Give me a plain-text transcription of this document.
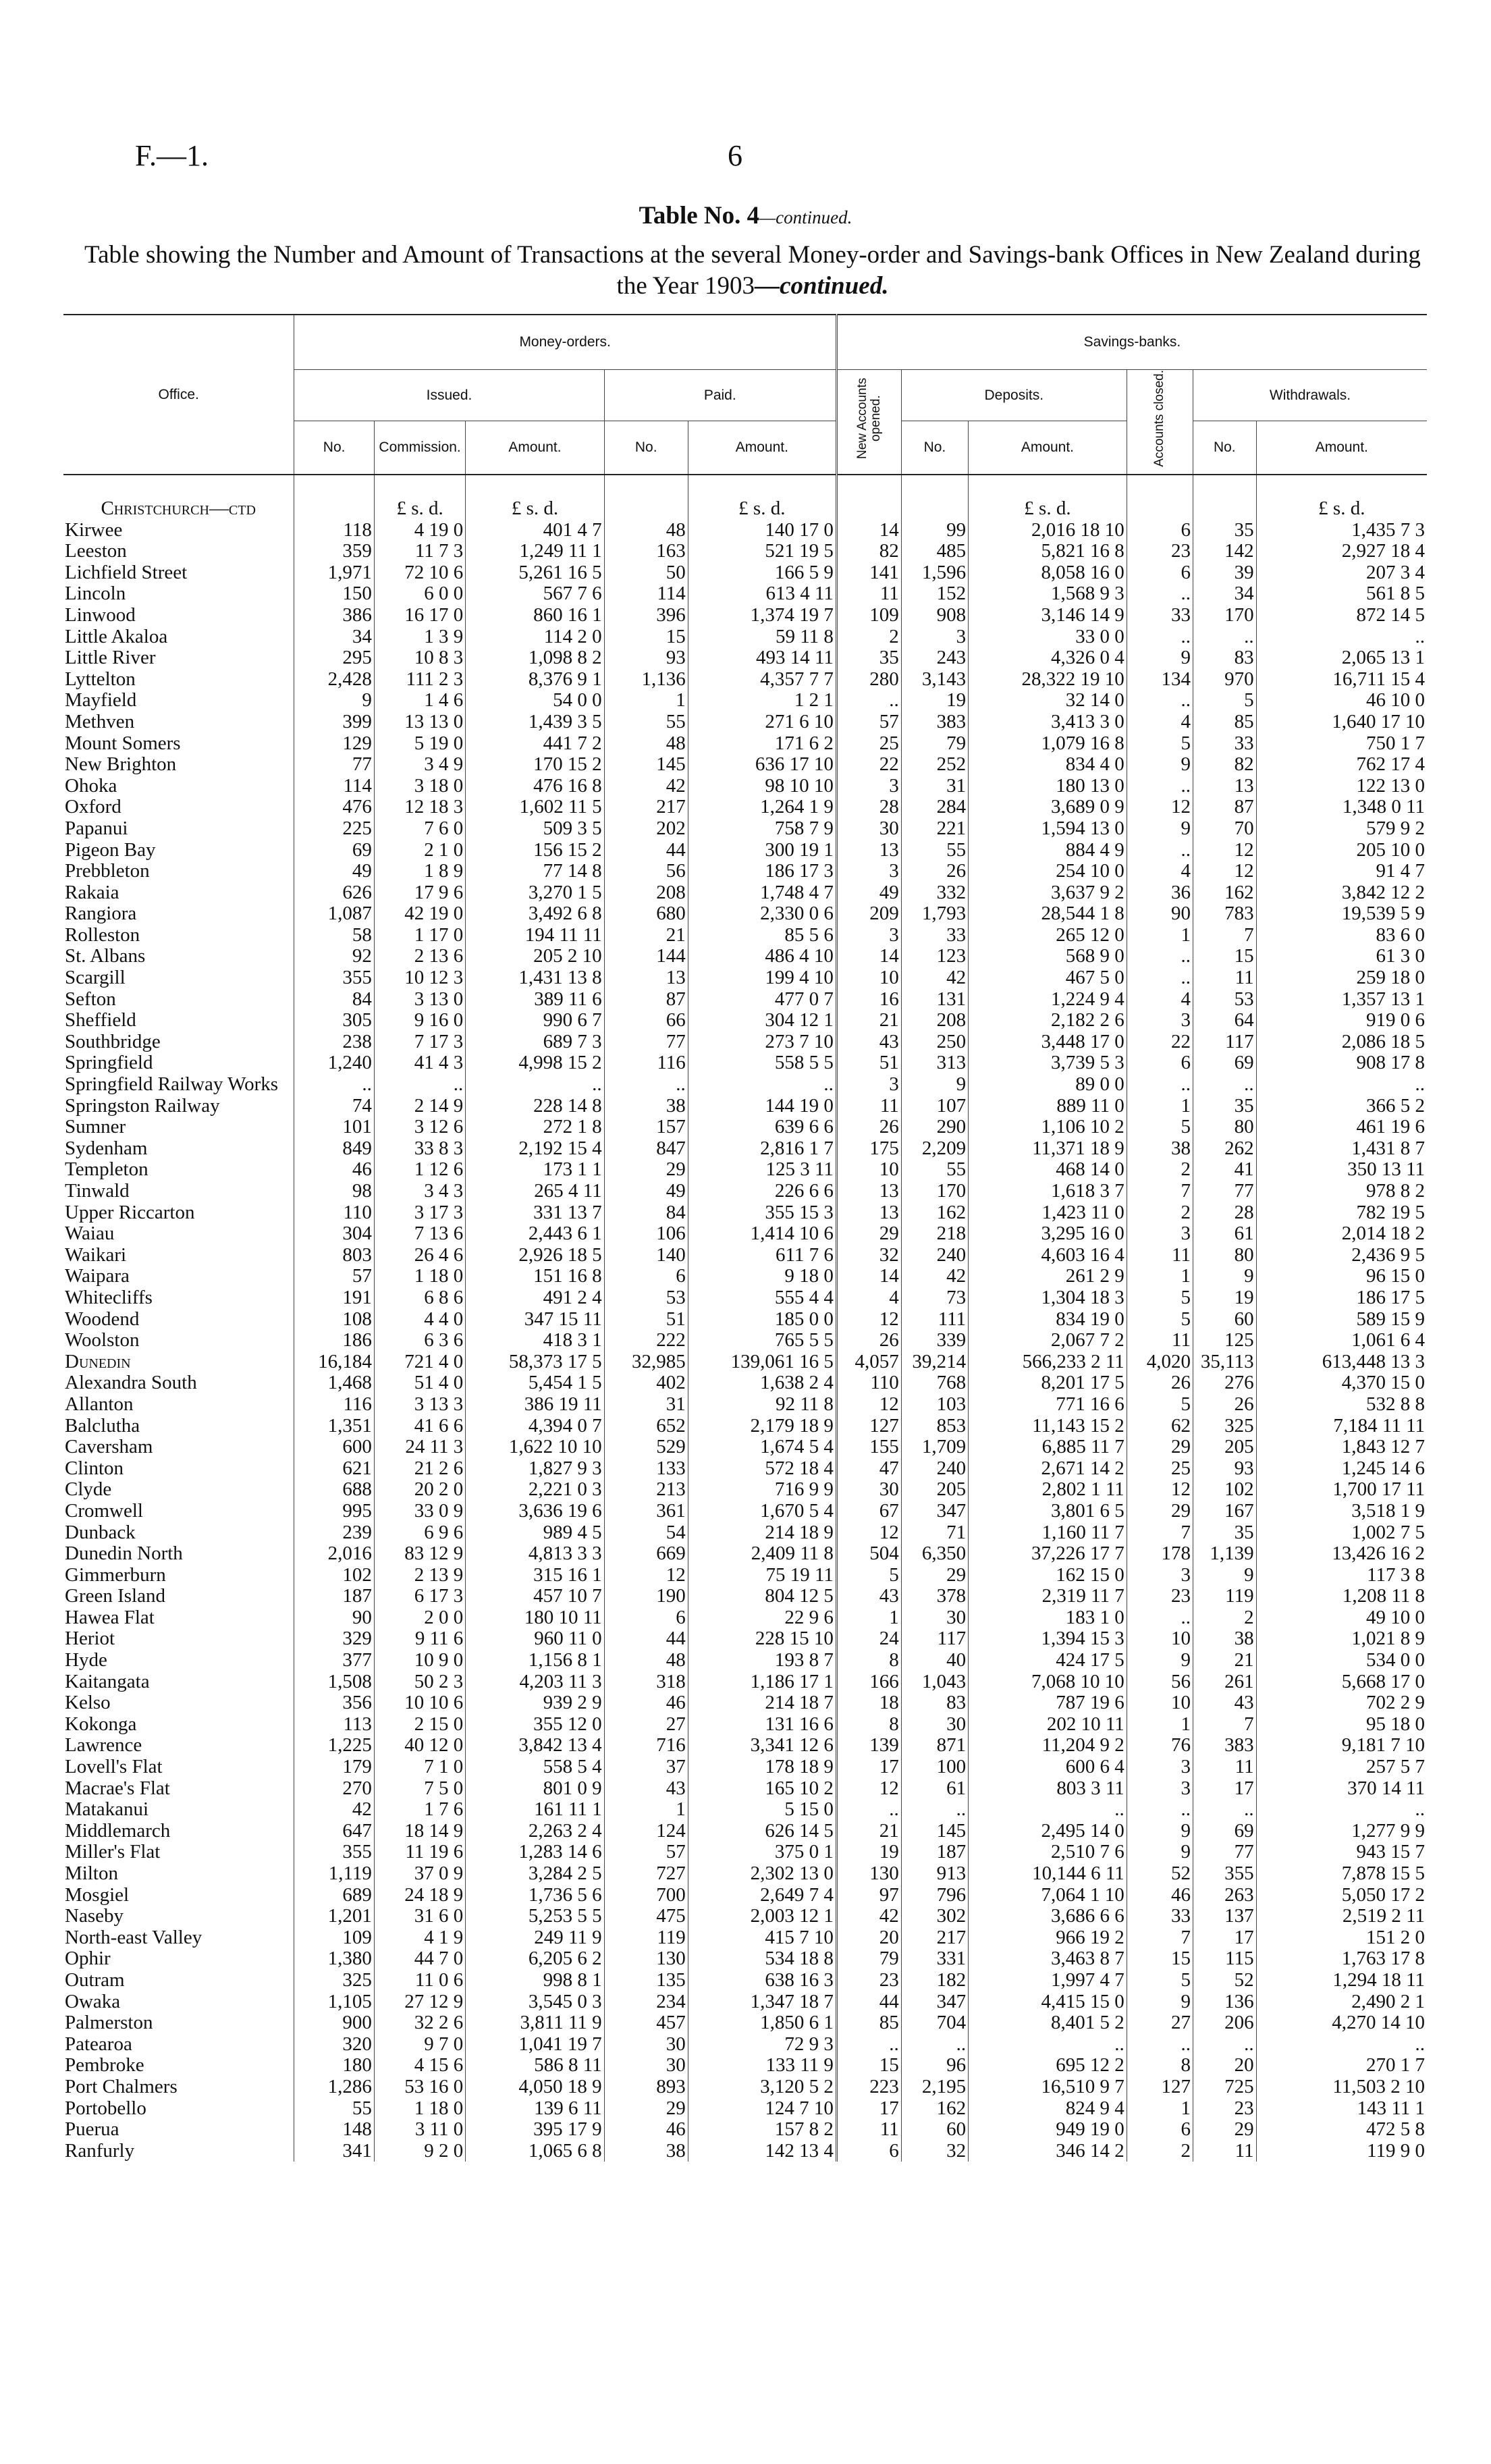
F.—1.	6
Table No. 4—continued.
Table showing the Number and Amount of Transactions at the several Money-order and Savings-bank Offices in New Zealand during the Year 1903—continued.
Office.	Money-orders.					Savings-banks.					
	Issued.			Paid.		New Accounts opened.	Deposits.		Accounts closed.	Withdrawals.	
	No.	Commission.	Amount.	No.	Amount.		No.	Amount.		No.	Amount.

Christchurch—ctd		£ s. d.	£ s. d.		£ s. d.			£ s. d.			£ s. d.
Kirwee	118	4 19 0	401 4 7	48	140 17 0	14	99	2,016 18 10	6	35	1,435 7 3
Leeston	359	11 7 3	1,249 11 1	163	521 19 5	82	485	5,821 16 8	23	142	2,927 18 4
Lichfield Street	1,971	72 10 6	5,261 16 5	50	166 5 9	141	1,596	8,058 16 0	6	39	207 3 4
Lincoln	150	6 0 0	567 7 6	114	613 4 11	11	152	1,568 9 3	..	34	561 8 5
Linwood	386	16 17 0	860 16 1	396	1,374 19 7	109	908	3,146 14 9	33	170	872 14 5
Little Akaloa	34	1 3 9	114 2 0	15	59 11 8	2	3	33 0 0	..	..	..
Little River	295	10 8 3	1,098 8 2	93	493 14 11	35	243	4,326 0 4	9	83	2,065 13 1
Lyttelton	2,428	111 2 3	8,376 9 1	1,136	4,357 7 7	280	3,143	28,322 19 10	134	970	16,711 15 4
Mayfield	9	1 4 6	54 0 0	1	1 2 1	..	19	32 14 0	..	5	46 10 0
Methven	399	13 13 0	1,439 3 5	55	271 6 10	57	383	3,413 3 0	4	85	1,640 17 10
Mount Somers	129	5 19 0	441 7 2	48	171 6 2	25	79	1,079 16 8	5	33	750 1 7
New Brighton	77	3 4 9	170 15 2	145	636 17 10	22	252	834 4 0	9	82	762 17 4
Ohoka	114	3 18 0	476 16 8	42	98 10 10	3	31	180 13 0	..	13	122 13 0
Oxford	476	12 18 3	1,602 11 5	217	1,264 1 9	28	284	3,689 0 9	12	87	1,348 0 11
Papanui	225	7 6 0	509 3 5	202	758 7 9	30	221	1,594 13 0	9	70	579 9 2
Pigeon Bay	69	2 1 0	156 15 2	44	300 19 1	13	55	884 4 9	..	12	205 10 0
Prebbleton	49	1 8 9	77 14 8	56	186 17 3	3	26	254 10 0	4	12	91 4 7
Rakaia	626	17 9 6	3,270 1 5	208	1,748 4 7	49	332	3,637 9 2	36	162	3,842 12 2
Rangiora	1,087	42 19 0	3,492 6 8	680	2,330 0 6	209	1,793	28,544 1 8	90	783	19,539 5 9
Rolleston	58	1 17 0	194 11 11	21	85 5 6	3	33	265 12 0	1	7	83 6 0
St. Albans	92	2 13 6	205 2 10	144	486 4 10	14	123	568 9 0	..	15	61 3 0
Scargill	355	10 12 3	1,431 13 8	13	199 4 10	10	42	467 5 0	..	11	259 18 0
Sefton	84	3 13 0	389 11 6	87	477 0 7	16	131	1,224 9 4	4	53	1,357 13 1
Sheffield	305	9 16 0	990 6 7	66	304 12 1	21	208	2,182 2 6	3	64	919 0 6
Southbridge	238	7 17 3	689 7 3	77	273 7 10	43	250	3,448 17 0	22	117	2,086 18 5
Springfield	1,240	41 4 3	4,998 15 2	116	558 5 5	51	313	3,739 5 3	6	69	908 17 8
Springfield Railway Works	..	..	..	..	..	3	9	89 0 0	..	..	..
Springston Railway	74	2 14 9	228 14 8	38	144 19 0	11	107	889 11 0	1	35	366 5 2
Sumner	101	3 12 6	272 1 8	157	639 6 6	26	290	1,106 10 2	5	80	461 19 6
Sydenham	849	33 8 3	2,192 15 4	847	2,816 1 7	175	2,209	11,371 18 9	38	262	1,431 8 7
Templeton	46	1 12 6	173 1 1	29	125 3 11	10	55	468 14 0	2	41	350 13 11
Tinwald	98	3 4 3	265 4 11	49	226 6 6	13	170	1,618 3 7	7	77	978 8 2
Upper Riccarton	110	3 17 3	331 13 7	84	355 15 3	13	162	1,423 11 0	2	28	782 19 5
Waiau	304	7 13 6	2,443 6 1	106	1,414 10 6	29	218	3,295 16 0	3	61	2,014 18 2
Waikari	803	26 4 6	2,926 18 5	140	611 7 6	32	240	4,603 16 4	11	80	2,436 9 5
Waipara	57	1 18 0	151 16 8	6	9 18 0	14	42	261 2 9	1	9	96 15 0
Whitecliffs	191	6 8 6	491 2 4	53	555 4 4	4	73	1,304 18 3	5	19	186 17 5
Woodend	108	4 4 0	347 15 11	51	185 0 0	12	111	834 19 0	5	60	589 15 9
Woolston	186	6 3 6	418 3 1	222	765 5 5	26	339	2,067 7 2	11	125	1,061 6 4
Dunedin	16,184	721 4 0	58,373 17 5	32,985	139,061 16 5	4,057	39,214	566,233 2 11	4,020	35,113	613,448 13 3
Alexandra South	1,468	51 4 0	5,454 1 5	402	1,638 2 4	110	768	8,201 17 5	26	276	4,370 15 0
Allanton	116	3 13 3	386 19 11	31	92 11 8	12	103	771 16 6	5	26	532 8 8
Balclutha	1,351	41 6 6	4,394 0 7	652	2,179 18 9	127	853	11,143 15 2	62	325	7,184 11 11
Caversham	600	24 11 3	1,622 10 10	529	1,674 5 4	155	1,709	6,885 11 7	29	205	1,843 12 7
Clinton	621	21 2 6	1,827 9 3	133	572 18 4	47	240	2,671 14 2	25	93	1,245 14 6
Clyde	688	20 2 0	2,221 0 3	213	716 9 9	30	205	2,802 1 11	12	102	1,700 17 11
Cromwell	995	33 0 9	3,636 19 6	361	1,670 5 4	67	347	3,801 6 5	29	167	3,518 1 9
Dunback	239	6 9 6	989 4 5	54	214 18 9	12	71	1,160 11 7	7	35	1,002 7 5
Dunedin North	2,016	83 12 9	4,813 3 3	669	2,409 11 8	504	6,350	37,226 17 7	178	1,139	13,426 16 2
Gimmerburn	102	2 13 9	315 16 1	12	75 19 11	5	29	162 15 0	3	9	117 3 8
Green Island	187	6 17 3	457 10 7	190	804 12 5	43	378	2,319 11 7	23	119	1,208 11 8
Hawea Flat	90	2 0 0	180 10 11	6	22 9 6	1	30	183 1 0	..	2	49 10 0
Heriot	329	9 11 6	960 11 0	44	228 15 10	24	117	1,394 15 3	10	38	1,021 8 9
Hyde	377	10 9 0	1,156 8 1	48	193 8 7	8	40	424 17 5	9	21	534 0 0
Kaitangata	1,508	50 2 3	4,203 11 3	318	1,186 17 1	166	1,043	7,068 10 10	56	261	5,668 17 0
Kelso	356	10 10 6	939 2 9	46	214 18 7	18	83	787 19 6	10	43	702 2 9
Kokonga	113	2 15 0	355 12 0	27	131 16 6	8	30	202 10 11	1	7	95 18 0
Lawrence	1,225	40 12 0	3,842 13 4	716	3,341 12 6	139	871	11,204 9 2	76	383	9,181 7 10
Lovell's Flat	179	7 1 0	558 5 4	37	178 18 9	17	100	600 6 4	3	11	257 5 7
Macrae's Flat	270	7 5 0	801 0 9	43	165 10 2	12	61	803 3 11	3	17	370 14 11
Matakanui	42	1 7 6	161 11 1	1	5 15 0	..	..	..	..	..	..
Middlemarch	647	18 14 9	2,263 2 4	124	626 14 5	21	145	2,495 14 0	9	69	1,277 9 9
Miller's Flat	355	11 19 6	1,283 14 6	57	375 0 1	19	187	2,510 7 6	9	77	943 15 7
Milton	1,119	37 0 9	3,284 2 5	727	2,302 13 0	130	913	10,144 6 11	52	355	7,878 15 5
Mosgiel	689	24 18 9	1,736 5 6	700	2,649 7 4	97	796	7,064 1 10	46	263	5,050 17 2
Naseby	1,201	31 6 0	5,253 5 5	475	2,003 12 1	42	302	3,686 6 6	33	137	2,519 2 11
North-east Valley	109	4 1 9	249 11 9	119	415 7 10	20	217	966 19 2	7	17	151 2 0
Ophir	1,380	44 7 0	6,205 6 2	130	534 18 8	79	331	3,463 8 7	15	115	1,763 17 8
Outram	325	11 0 6	998 8 1	135	638 16 3	23	182	1,997 4 7	5	52	1,294 18 11
Owaka	1,105	27 12 9	3,545 0 3	234	1,347 18 7	44	347	4,415 15 0	9	136	2,490 2 1
Palmerston	900	32 2 6	3,811 11 9	457	1,850 6 1	85	704	8,401 5 2	27	206	4,270 14 10
Patearoa	320	9 7 0	1,041 19 7	30	72 9 3	..	..	..	..	..	..
Pembroke	180	4 15 6	586 8 11	30	133 11 9	15	96	695 12 2	8	20	270 1 7
Port Chalmers	1,286	53 16 0	4,050 18 9	893	3,120 5 2	223	2,195	16,510 9 7	127	725	11,503 2 10
Portobello	55	1 18 0	139 6 11	29	124 7 10	17	162	824 9 4	1	23	143 11 1
Puerua	148	3 11 0	395 17 9	46	157 8 2	11	60	949 19 0	6	29	472 5 8
Ranfurly	341	9 2 0	1,065 6 8	38	142 13 4	6	32	346 14 2	2	11	119 9 0
